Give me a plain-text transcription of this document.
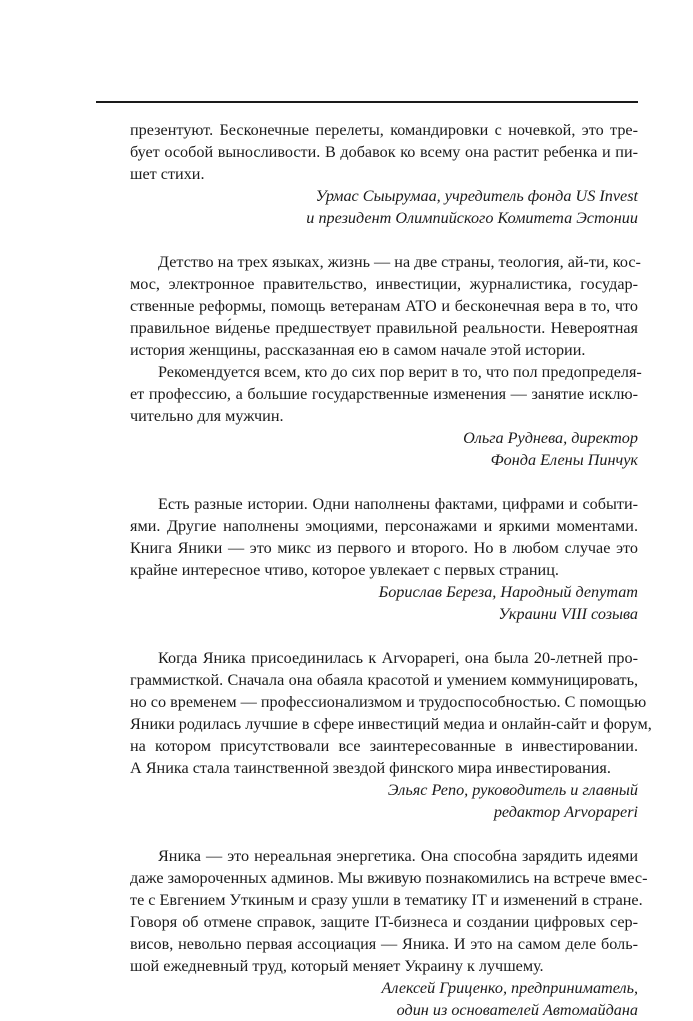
презентуют. Бесконечные перелеты, командировки с ночевкой, это тре-
бует особой выносливости. В добавок ко всему она растит ребенка и пи-
шет стихи.
Урмас Сыырумаа, учредитель фонда US Invest
и президент Олимпийского Комитета Эстонии
Детство на трех языках, жизнь — на две страны, теология, ай-ти, кос-
мос, электронное правительство, инвестиции, журналистика, государ-
ственные реформы, помощь ветеранам АТО и бесконечная вера в то, что
правильное ви́денье предшествует правильной реальности. Невероятная
история женщины, рассказанная ею в самом начале этой истории.
Рекомендуется всем, кто до сих пор верит в то, что пол предопределя-
ет профессию, а большие государственные изменения — занятие исклю-
чительно для мужчин.
Ольга Руднева, директор
Фонда Елены Пинчук
Есть разные истории. Одни наполнены фактами, цифрами и событи-
ями. Другие наполнены эмоциями, персонажами и яркими моментами.
Книга Яники — это микс из первого и второго. Но в любом случае это
крайне интересное чтиво, которое увлекает с первых страниц.
Борислав Береза, Народный депутат
Украини VIII созыва
Когда Яника присоединилась к Arvopaperi, она была 20-летней про-
граммисткой. Сначала она обаяла красотой и умением коммуницировать,
но со временем — профессионализмом и трудоспособностью. С помощью
Яники родилась лучшие в сфере инвестиций медиа и онлайн-сайт и форум,
на котором присутствовали все заинтересованные в инвестировании.
А Яника стала таинственной звездой финского мира инвестирования.
Эльяс Репо, руководитель и главный
редактор Arvopaperi
Яника — это нереальная энергетика. Она способна зарядить идеями
даже замороченных админов. Мы вживую познакомились на встрече вмес-
те с Евгением Уткиным и сразу ушли в тематику IT и изменений в стране.
Говоря об отмене справок, защите IT-бизнеса и создании цифровых сер-
висов, невольно первая ассоциация — Яника. И это на самом деле боль-
шой ежедневный труд, который меняет Украину к лучшему.
Алексей Гриценко, предприниматель,
один из основателей Автомайдана
